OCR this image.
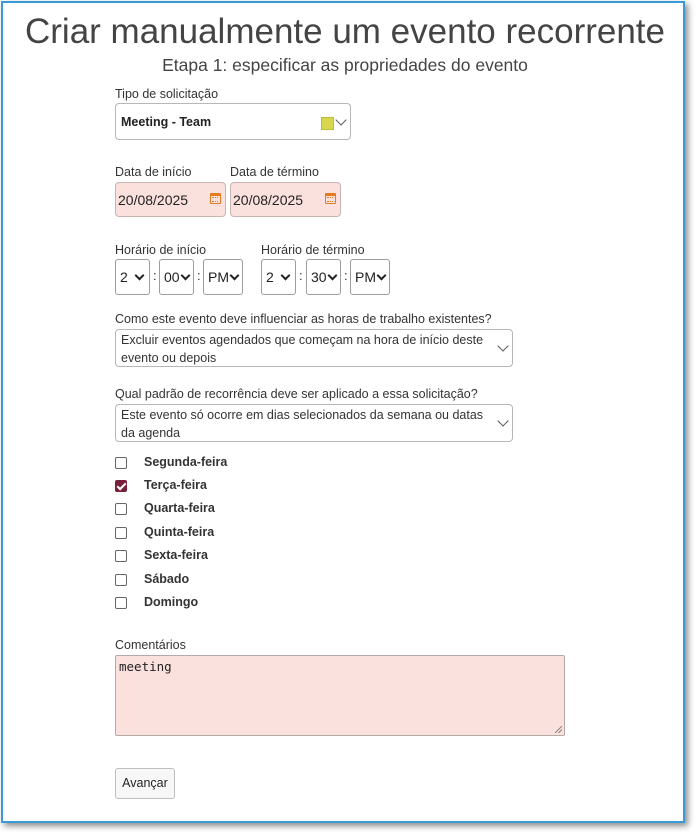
Criar manualmente um evento recorrente
Etapa 1: especificar as propriedades do evento
Tipo de solicitação
Meeting - Team
Data de início	Data de término
20/08/2025	20/08/2025
Horário de início	Horário de término
2 : 00 : PM	2 : 30 : PM
Como este evento deve influenciar as horas de trabalho existentes?
Excluir eventos agendados que começam na hora de início deste evento ou depois
Qual padrão de recorrência deve ser aplicado a essa solicitação?
Este evento só ocorre em dias selecionados da semana ou datas da agenda
Segunda-feira
Terça-feira
Quarta-feira
Quinta-feira
Sexta-feira
Sábado
Domingo
Comentários
meeting
Avançar
